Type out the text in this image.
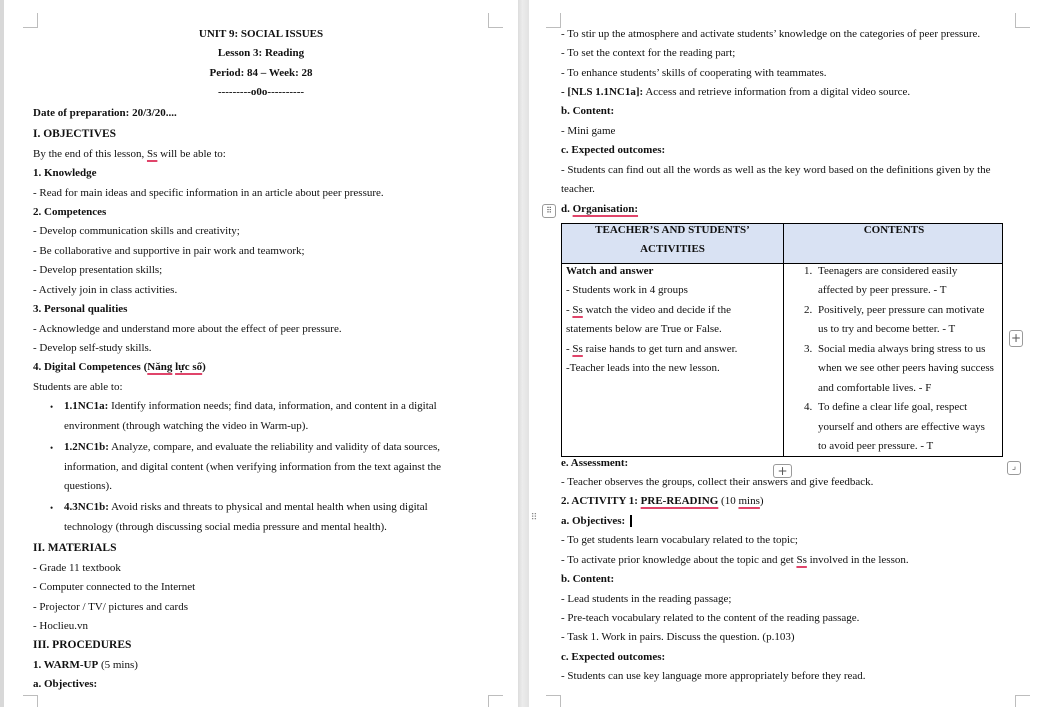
UNIT 9: SOCIAL ISSUES
Lesson 3: Reading
Period: 84 – Week: 28
---------o0o----------
Date of preparation: 20/3/20....
I. OBJECTIVES
By the end of this lesson, Ss will be able to:
1. Knowledge
- Read for main ideas and specific information in an article about peer pressure.
2. Competences
- Develop communication skills and creativity;
- Be collaborative and supportive in pair work and teamwork;
- Develop presentation skills;
- Actively join in class activities.
3. Personal qualities
- Acknowledge and understand more about the effect of peer pressure.
- Develop self-study skills.
4. Digital Competences (Năng lực số)
Students are able to:
• 1.1NC1a: Identify information needs; find data, information, and content in a digital
environment (through watching the video in Warm-up).
• 1.2NC1b: Analyze, compare, and evaluate the reliability and validity of data sources,
information, and digital content (when verifying information from the text against the
questions).
• 4.3NC1b: Avoid risks and threats to physical and mental health when using digital
technology (through discussing social media pressure and mental health).
II. MATERIALS
- Grade 11 textbook
- Computer connected to the Internet
- Projector / TV/ pictures and cards
- Hoclieu.vn
III. PROCEDURES
1. WARM-UP (5 mins)
a. Objectives:
- To stir up the atmosphere and activate students’ knowledge on the categories of peer pressure.
- To set the context for the reading part;
- To enhance students’ skills of cooperating with teammates.
- [NLS 1.1NC1a]: Access and retrieve information from a digital video source.
b. Content:
- Mini game
c. Expected outcomes:
- Students can find out all the words as well as the key word based on the definitions given by the
teacher.
⠿ d. Organisation:
TEACHER’S AND STUDENTS’
ACTIVITIES
CONTENTS
Watch and answer
- Students work in 4 groups
- Ss watch the video and decide if the
statements below are True or False.
- Ss raise hands to get turn and answer.
-Teacher leads into the new lesson.
1. Teenagers are considered easily
affected by peer pressure. - T
2. Positively, peer pressure can motivate
us to try and become better. - T
3. Social media always bring stress to us
when we see other peers having success
and comfortable lives. - F
4. To define a clear life goal, respect
yourself and others are effective ways
to avoid peer pressure. - T
+
+	⌟
e. Assessment:
- Teacher observes the groups, collect their answers and give feedback.
2. ACTIVITY 1: PRE-READING (10 mins)
⠿	a. Objectives:
- To get students learn vocabulary related to the topic;
- To activate prior knowledge about the topic and get Ss involved in the lesson.
b. Content:
- Lead students in the reading passage;
- Pre-teach vocabulary related to the content of the reading passage.
- Task 1. Work in pairs. Discuss the question. (p.103)
c. Expected outcomes:
- Students can use key language more appropriately before they read.
